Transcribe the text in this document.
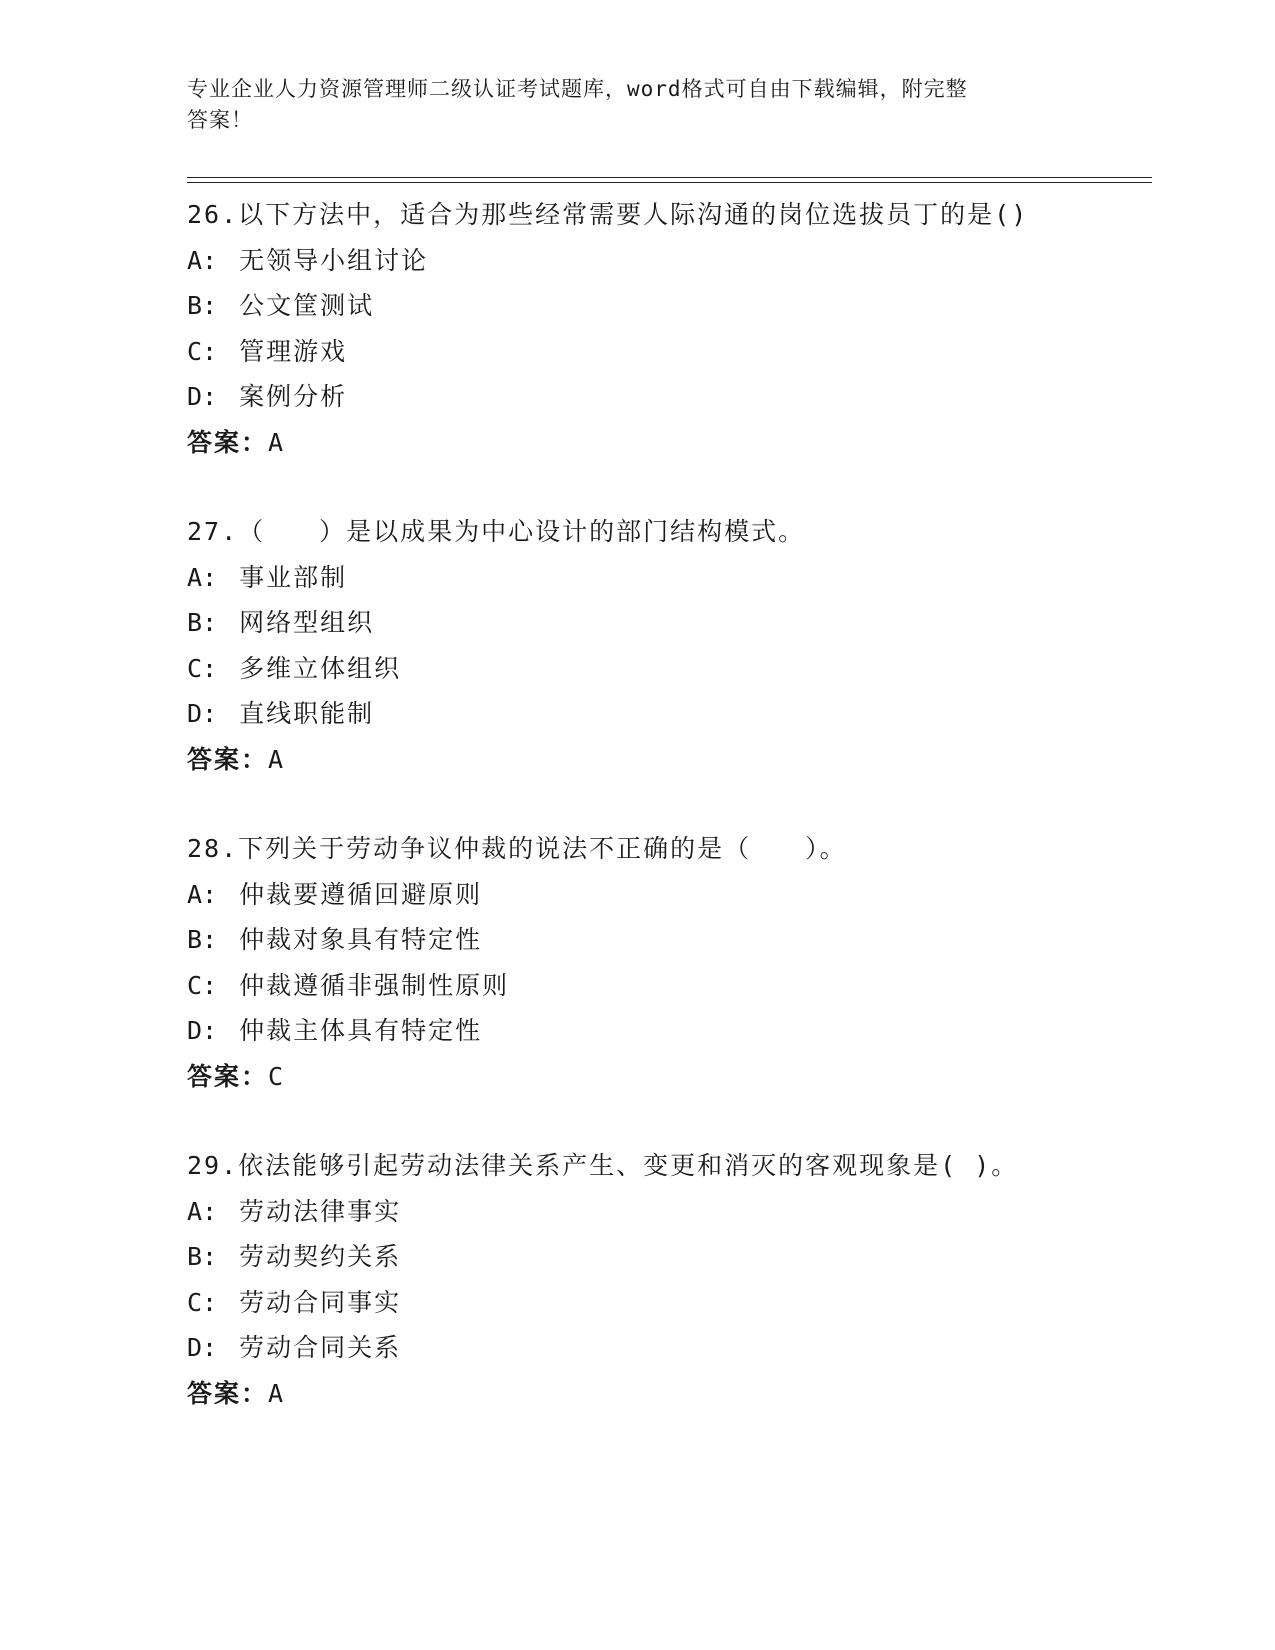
专业企业人力资源管理师二级认证考试题库，word格式可自由下载编辑，附完整
答案！
26.以下方法中，适合为那些经常需要人际沟通的岗位选拔员丁的是()
A: 无领导小组讨论
B: 公文筐测试
C: 管理游戏
D: 案例分析
答案：A
27.（　　）是以成果为中心设计的部门结构模式。
A: 事业部制
B: 网络型组织
C: 多维立体组织
D: 直线职能制
答案：A
28.下列关于劳动争议仲裁的说法不正确的是（　　）。
A: 仲裁要遵循回避原则
B: 仲裁对象具有特定性
C: 仲裁遵循非强制性原则
D: 仲裁主体具有特定性
答案：C
29.依法能够引起劳动法律关系产生、变更和消灭的客观现象是( )。
A: 劳动法律事实
B: 劳动契约关系
C: 劳动合同事实
D: 劳动合同关系
答案：A
